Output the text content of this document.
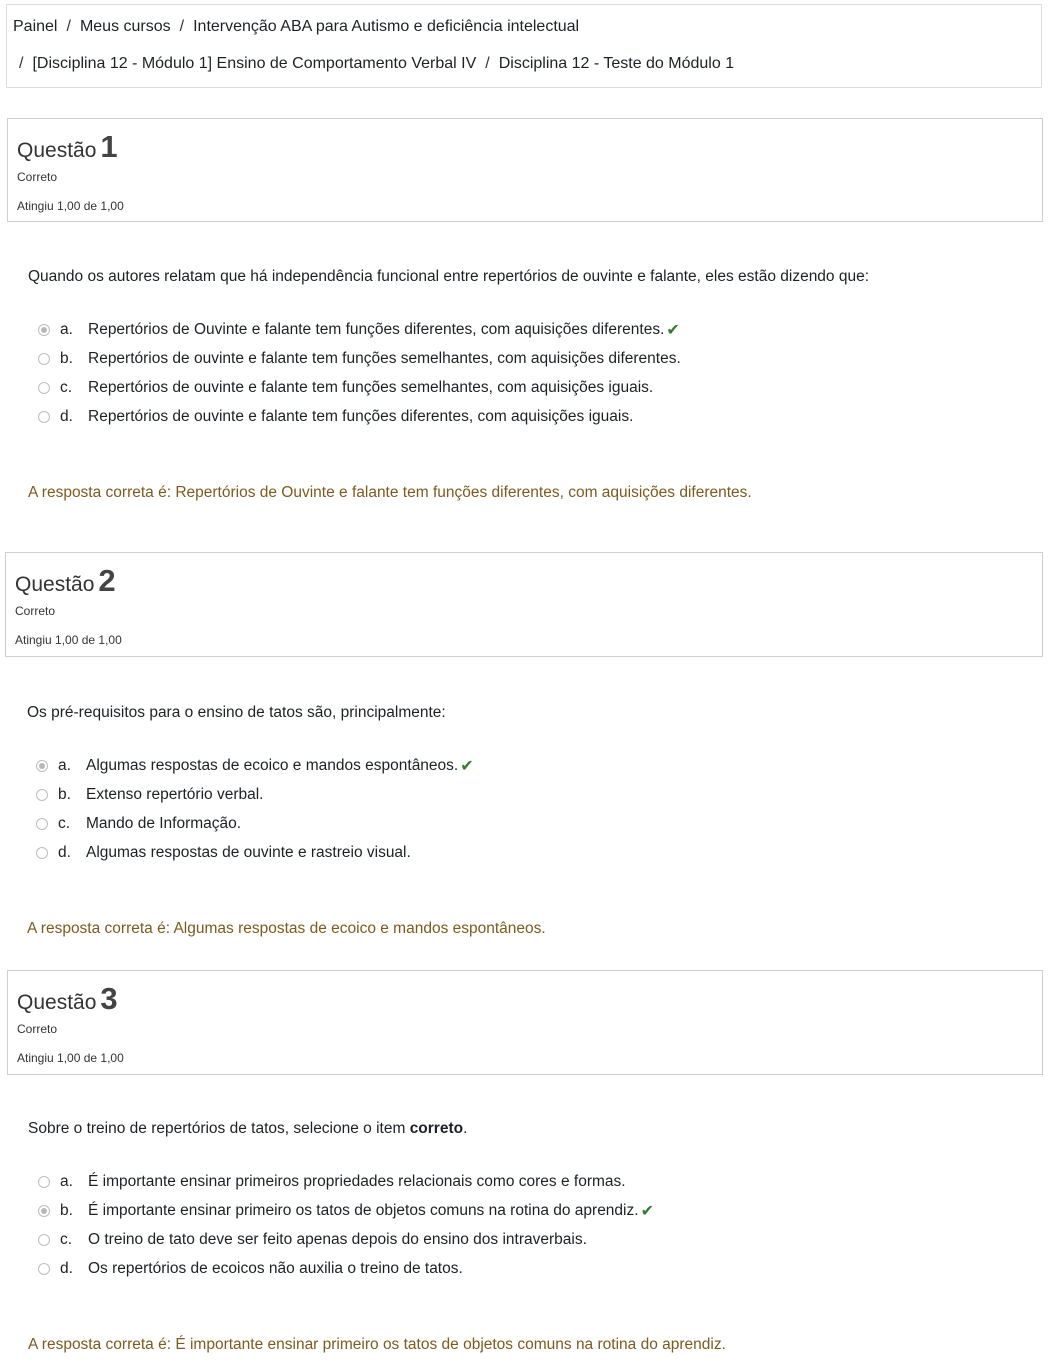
Painel / Meus cursos / Intervenção ABA para Autismo e deficiência intelectual
/ [Disciplina 12 - Módulo 1] Ensino de Comportamento Verbal IV / Disciplina 12 - Teste do Módulo 1
Questão 1
Correto
Atingiu 1,00 de 1,00
Quando os autores relatam que há independência funcional entre repertórios de ouvinte e falante, eles estão dizendo que:
a. Repertórios de Ouvinte e falante tem funções diferentes, com aquisições diferentes. ✔
b. Repertórios de ouvinte e falante tem funções semelhantes, com aquisições diferentes.
c.	Repertórios de ouvinte e falante tem funções semelhantes, com aquisições iguais.
d. Repertórios de ouvinte e falante tem funções diferentes, com aquisições iguais.
A resposta correta é: Repertórios de Ouvinte e falante tem funções diferentes, com aquisições diferentes.
Questão 2
Correto
Atingiu 1,00 de 1,00
Os pré-requisitos para o ensino de tatos são, principalmente:
a. Algumas respostas de ecoico e mandos espontâneos. ✔
b. Extenso repertório verbal.
c.	Mando de Informação.
d. Algumas respostas de ouvinte e rastreio visual.
A resposta correta é: Algumas respostas de ecoico e mandos espontâneos.
Questão 3
Correto
Atingiu 1,00 de 1,00
Sobre o treino de repertórios de tatos, selecione o item correto.
a. É importante ensinar primeiros propriedades relacionais como cores e formas.
b. É importante ensinar primeiro os tatos de objetos comuns na rotina do aprendiz. ✔
c.	O treino de tato deve ser feito apenas depois do ensino dos intraverbais.
d. Os repertórios de ecoicos não auxilia o treino de tatos.
A resposta correta é: É importante ensinar primeiro os tatos de objetos comuns na rotina do aprendiz.
